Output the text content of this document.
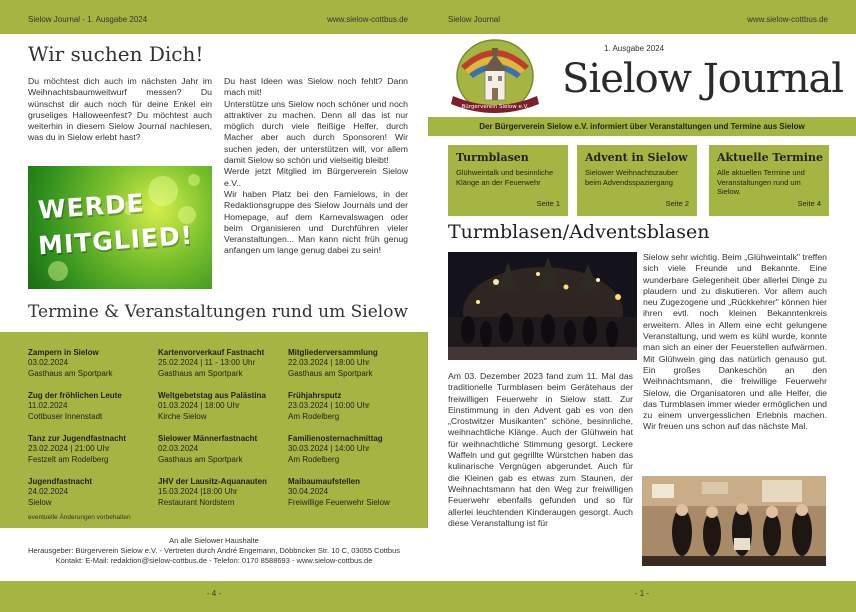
Sielow Journal - 1. Ausgabe 2024	www.sielow-cottbus.de
Wir suchen Dich!
Du möchtest dich auch im nächsten Jahr im Weihnachtsbaumweitwurf messen? Du wünschst dir auch noch für deine Enkel ein gruseliges Halloweenfest? Du möchtest auch weiterhin in diesem Sielow Journal nachlesen, was du in Sielow erlebt hast?

Du hast Ideen was Sielow noch fehlt? Dann mach mit!

Unterstütze uns Sielow noch schöner und noch attraktiver zu machen. Denn all das ist nur möglich durch viele fleißige Helfer, durch Macher aber auch durch Sponsoren! Wir suchen jeden, der unterstützen will, vor allem damit Sielow so schön und vielseitig bleibt!

Werde jetzt Mitglied im Bürgerverein Sielow e.V..

Wir haben Platz bei den Famielows, in der Redaktionsgruppe des Sielow Journals und der Homepage, auf dem Karnevalswagen oder beim Organisieren und Durchführen vieler Veranstaltungen... Man kann nicht früh genug anfangen um lange genug dabei zu sein!

WERDE
MITGLIED!
Termine & Veranstaltungen rund um Sielow
Zampern in Sielow
03.02.2024
Gasthaus am Sportpark
Zug der fröhlichen Leute
11.02.2024
Cottbuser Innenstadt
Tanz zur Jugendfastnacht
23.02.2024 | 21:00 Uhr
Festzelt am Rodelberg
Jugendfastnacht
24.02.2024
Sielow
Kartenvorverkauf Fastnacht
25.02.2024 | 11 - 13:00 Uhr
Gasthaus am Sportpark
Weltgebetstag aus Palästina
01.03.2024 | 18:00 Uhr
Kirche Sielow
Sielower Männerfastnacht
02.03.2024
Gasthaus am Sportpark
JHV der Lausitz-Aquanauten
15.03.2024 |18:00 Uhr
Restaurant Nordstern
Mitgliederversammlung
22.03.2024 | 18:00 Uhr
Gasthaus am Sportpark
Frühjahrsputz
23.03.2024 | 10:00 Uhr
Am Rodelberg
Familienosternachmittag
30.03.2024 | 14:00 Uhr
Am Rodelberg
Maibaumaufstellen
30.04.2024
Freiwillige Feuerwehr Sielow
eventuelle Änderungen vorbehalten
An alle Sielower Haushalte
Herausgeber: Bürgerverein Sielow e.V. - Vertreten durch André Engemann, Döbbricker Str. 10 C, 03055 Cottbus
Kontakt: E-Mail: redaktion@sielow-cottbus.de - Telefon: 0170 8588693 - www.sielow-cottbus.de
- 4 -
Sielow Journal	www.sielow-cottbus.de
Bürgerverein Sielow e.V.
1. Ausgabe 2024
Sielow Journal
Der Bürgerverein Sielow e.V. informiert über Veranstaltungen und Termine aus Sielow
Turmblasen
Glühweintalk und besinnliche Klänge an der Feuerwehr
Seite 1
Advent in Sielow
Sielower Weihnachtszauber beim Advendsspaziergang
Seite 2
Aktuelle Termine
Alle aktuellen Termine und Veranstaltungen rund um Sielow.
Seite 4
Turmblasen/Adventsblasen
Am 03. Dezember 2023 fand zum 11. Mal das traditionelle Turmblasen beim Gerätehaus der freiwilligen Feuerwehr in Sielow statt. Zur Einstimmung in den Advent gab es von den „Crostwitzer Musikanten" schöne, besinnliche, weihnachtliche Klänge. Auch der Glühwein hat für weihnachtliche Stimmung gesorgt. Leckere Waffeln und gut gegrillte Würstchen haben das kulinarische Vergnügen abgerundet. Auch für die Kleinen gab es etwas zum Staunen, der Weihnachtsmann hat den Weg zur freiwilligen Feuerwehr ebenfalls gefunden und so für allerlei leuchtenden Kinderaugen gesorgt. Auch diese Veranstaltung ist für
Sielow sehr wichtig. Beim „Glühweintalk" treffen sich viele Freunde und Bekannte. Eine wunderbare Gelegenheit über allerlei Dinge zu plaudern und zu diskutieren. Vor allem auch neu Zugezogene und „Rückkehrer" können hier ihren evtl. noch kleinen Bekanntenkreis erweitern. Alles in Allem eine echt gelungene Veranstaltung, und wem es kühl wurde, konnte man sich an einer der Feuerstellen aufwärmen. Mit Glühwein ging das natürlich genauso gut. Ein großes Dankeschön an den Weihnachtsmann, die freiwillige Feuerwehr Sielow, die Organisatoren und alle Helfer, die das Turmblasen immer wieder ermöglichen und zu einem unvergesslichen Erlebnis machen. Wir freuen uns schon auf das nächste Mal.
- 1 -
